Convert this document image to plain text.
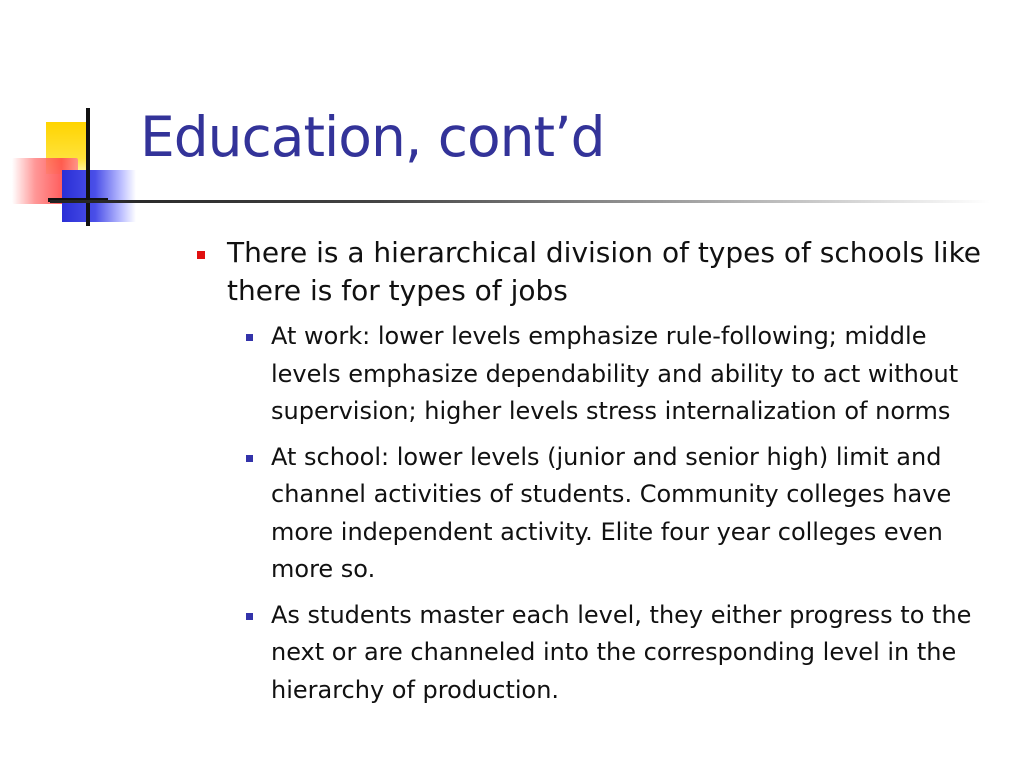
Education, cont’d
There is a hierarchical division of types of schools like there is for types of jobs
At work: lower levels emphasize rule-following; middle levels emphasize dependability and ability to act without supervision; higher levels stress internalization of norms
At school: lower levels (junior and senior high) limit and channel activities of students. Community colleges have more independent activity. Elite four year colleges even more so.
As students master each level, they either progress to the next or are channeled into the corresponding level in the hierarchy of production.
